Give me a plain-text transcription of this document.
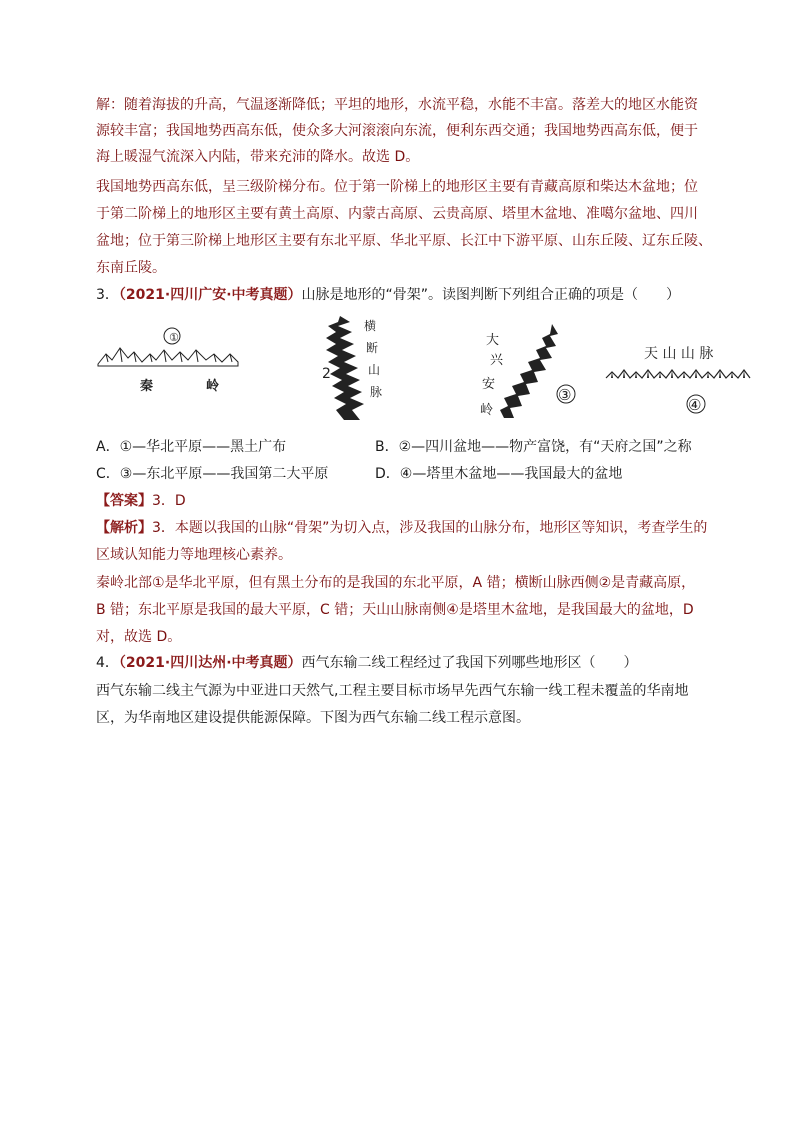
解：随着海拔的升高，气温逐渐降低；平坦的地形，水流平稳，水能不丰富。落差大的地区水能资
源较丰富；我国地势西高东低，使众多大河滚滚向东流，便利东西交通；我国地势西高东低，便于
海上暖湿气流深入内陆，带来充沛的降水。故选 D。
我国地势西高东低，呈三级阶梯分布。位于第一阶梯上的地形区主要有青藏高原和柴达木盆地；位
于第二阶梯上的地形区主要有黄土高原、内蒙古高原、云贵高原、塔里木盆地、准噶尔盆地、四川
盆地；位于第三阶梯上地形区主要有东北平原、华北平原、长江中下游平原、山东丘陵、辽东丘陵、
东南丘陵。
3．（2021·四川广安·中考真题）山脉是地形的“骨架”。读图判断下列组合正确的项是（　　）
①
秦	岭
2
横
断
山
脉
大
兴
安
岭
③
天 山 山 脉
④
A．①—华北平原——黑土广布	B．②—四川盆地——物产富饶，有“天府之国”之称
C．③—东北平原——我国第二大平原	D．④—塔里木盆地——我国最大的盆地
【答案】3．D
【解析】3．本题以我国的山脉“骨架”为切入点，涉及我国的山脉分布，地形区等知识，考查学生的
区域认知能力等地理核心素养。
秦岭北部①是华北平原，但有黑土分布的是我国的东北平原，A 错；横断山脉西侧②是青藏高原，
B 错；东北平原是我国的最大平原，C 错；天山山脉南侧④是塔里木盆地，是我国最大的盆地，D
对，故选 D。
4．（2021·四川达州·中考真题）西气东输二线工程经过了我国下列哪些地形区（　　）
西气东输二线主气源为中亚进口天然气,工程主要目标市场早先西气东输一线工程未覆盖的华南地
区，为华南地区建设提供能源保障。下图为西气东输二线工程示意图。
